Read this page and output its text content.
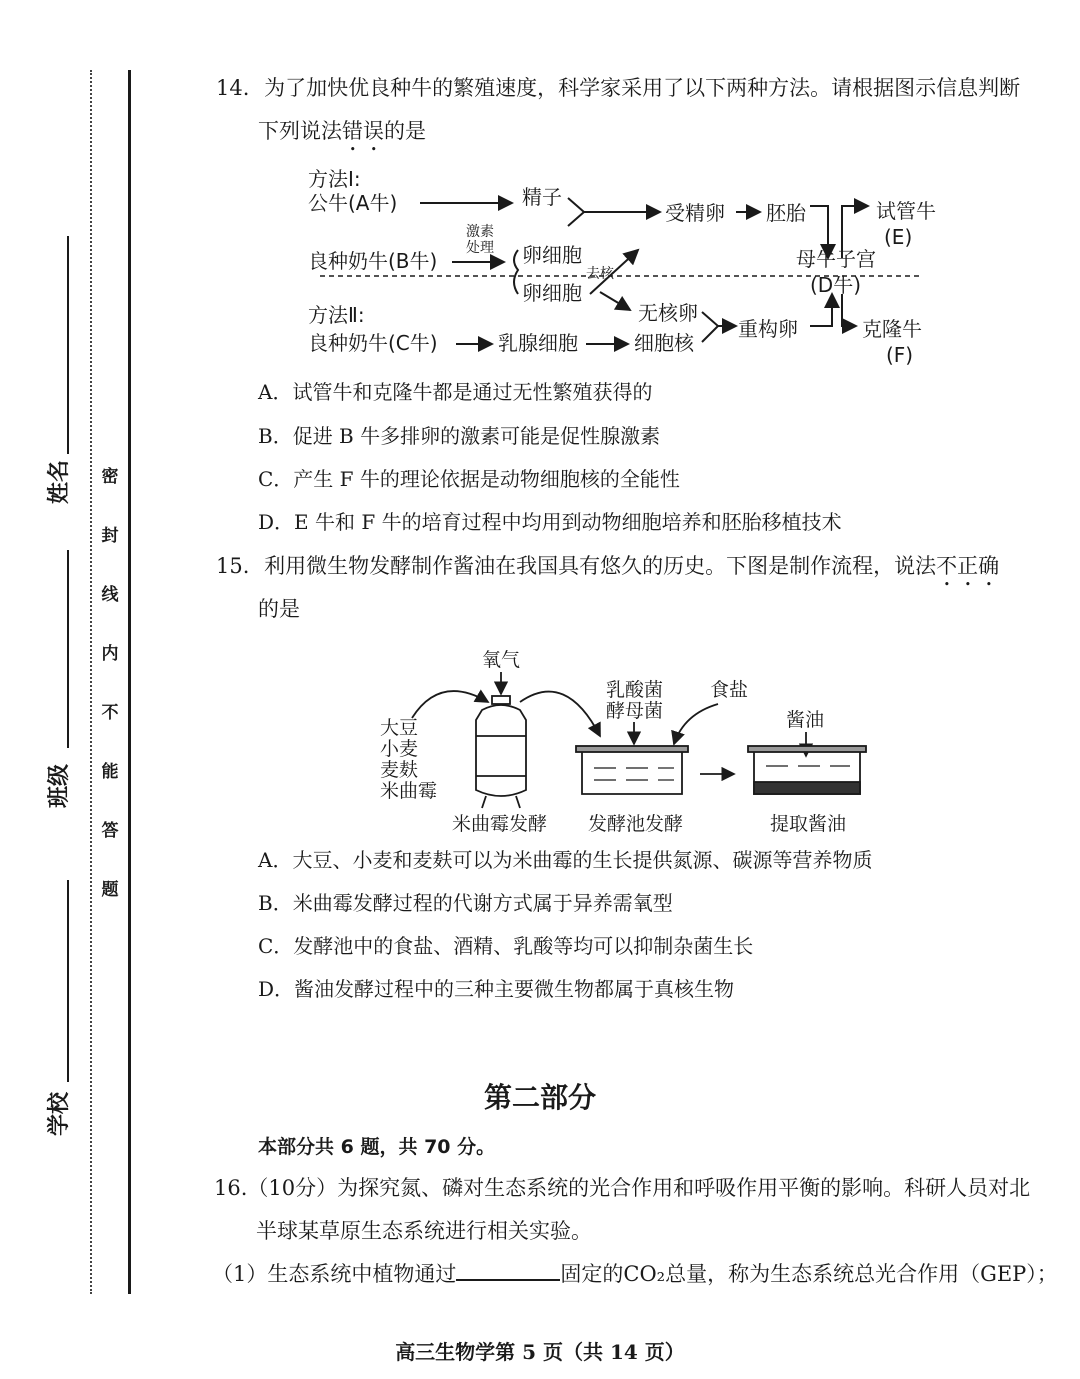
姓名
班级
学校
密
封
线
内
不
能
答
题
14. 为了加快优良种牛的繁殖速度，科学家采用了以下两种方法。请根据图示信息判断
下列说法错误的是
方法Ⅰ:
公牛(A牛)	精子
受精卵 胚胎	试管牛
(E)
激素
处理
良种奶牛(B牛)	卵细胞
去核
卵细胞
母牛子宫
(D牛)
方法Ⅱ:	无核卵
重构卵	克隆牛
(F)
良种奶牛(C牛)	乳腺细胞	细胞核
A．试管牛和克隆牛都是通过无性繁殖获得的
B．促进 B 牛多排卵的激素可能是促性腺激素
C．产生 F 牛的理论依据是动物细胞核的全能性
D．E 牛和 F 牛的培育过程中均用到动物细胞培养和胚胎移植技术
15. 利用微生物发酵制作酱油在我国具有悠久的历史。下图是制作流程，说法不正确
的是
氧气
大豆
小麦
麦麸
米曲霉
乳酸菌
酵母菌
食盐
酱油
米曲霉发酵 发酵池发酵	提取酱油
A．大豆、小麦和麦麸可以为米曲霉的生长提供氮源、碳源等营养物质
B．米曲霉发酵过程的代谢方式属于异养需氧型
C．发酵池中的食盐、酒精、乳酸等均可以抑制杂菌生长
D．酱油发酵过程中的三种主要微生物都属于真核生物
第二部分
本部分共 6 题，共 70 分。
16.（10分）为探究氮、磷对生态系统的光合作用和呼吸作用平衡的影响。科研人员对北
半球某草原生态系统进行相关实验。
（1）生态系统中植物通过	固定的CO₂总量，称为生态系统总光合作用（GEP）；
高三生物学第 5 页（共 14 页）
